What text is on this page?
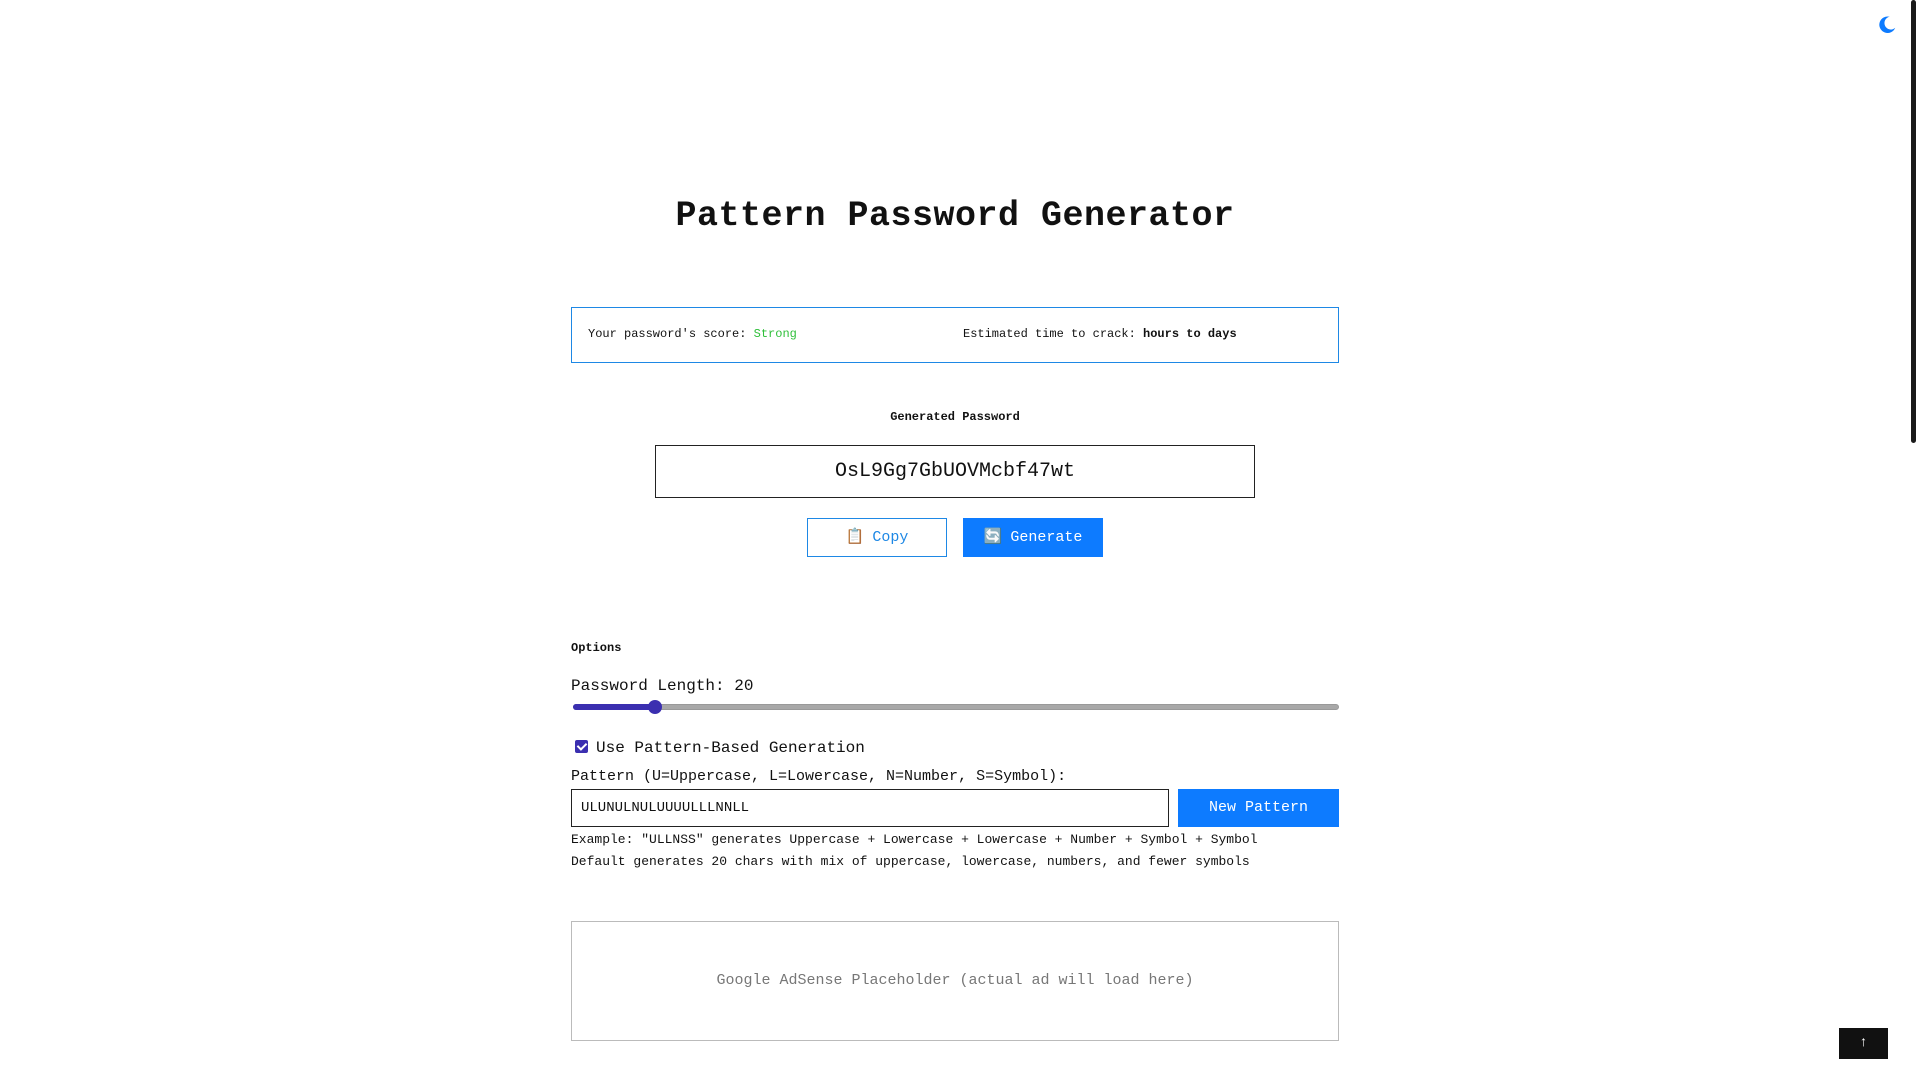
Pattern Password Generator
Your password's score: Strong	Estimated time to crack: hours to days
Generated Password
OsL9Gg7GbUOVMcbf47wt
📋 Copy	🔄 Generate
Options
Password Length: 20
Use Pattern-Based Generation
Pattern (U=Uppercase, L=Lowercase, N=Number, S=Symbol):
ULUNULNULUUUULLLNNLL	New Pattern
Example: "ULLNSS" generates Uppercase + Lowercase + Lowercase + Number + Symbol + Symbol
Default generates 20 chars with mix of uppercase, lowercase, numbers, and fewer symbols
Google AdSense Placeholder (actual ad will load here)
↑
